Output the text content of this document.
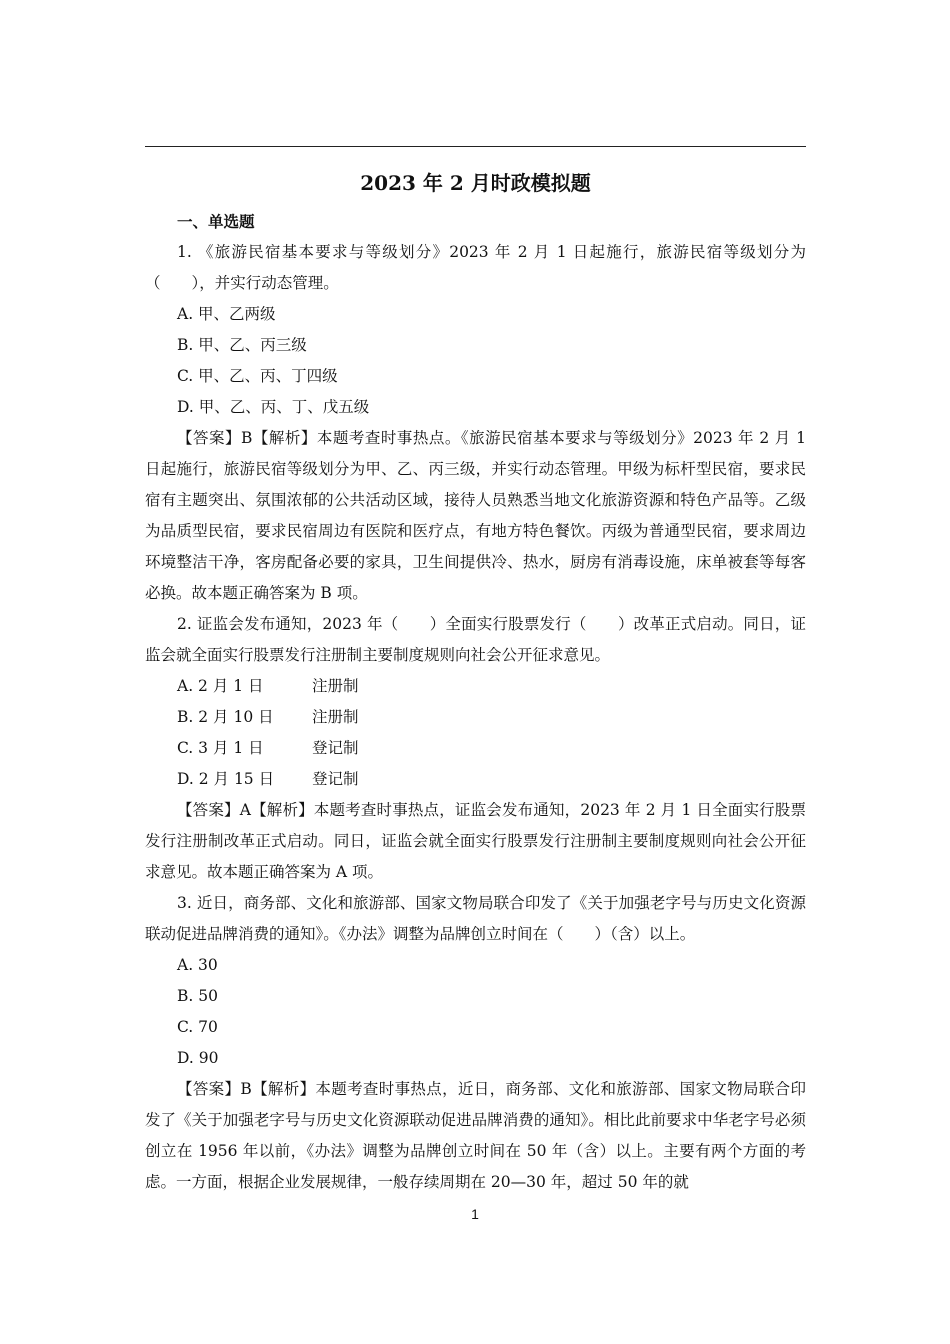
2023 年 2 月时政模拟题
一、单选题

1. 《旅游民宿基本要求与等级划分》2023 年 2 月 1 日起施行，旅游民宿等级划分为（　　），并实行动态管理。

A. 甲、乙两级
B. 甲、乙、丙三级
C. 甲、乙、丙、丁四级
D. 甲、乙、丙、丁、戊五级

【答案】B【解析】本题考查时事热点。《旅游民宿基本要求与等级划分》2023 年 2 月 1 日起施行，旅游民宿等级划分为甲、乙、丙三级，并实行动态管理。甲级为标杆型民宿，要求民宿有主题突出、氛围浓郁的公共活动区域，接待人员熟悉当地文化旅游资源和特色产品等。乙级为品质型民宿，要求民宿周边有医院和医疗点，有地方特色餐饮。丙级为普通型民宿，要求周边环境整洁干净，客房配备必要的家具，卫生间提供冷、热水，厨房有消毒设施，床单被套等每客必换。故本题正确答案为 B 项。

2. 证监会发布通知，2023 年（　　）全面实行股票发行（　　）改革正式启动。同日，证监会就全面实行股票发行注册制主要制度规则向社会公开征求意见。

A. 2 月 1 日	注册制
B. 2 月 10 日 注册制
C. 3 月 1 日	登记制
D. 2 月 15 日 登记制

【答案】A【解析】本题考查时事热点，证监会发布通知，2023 年 2 月 1 日全面实行股票发行注册制改革正式启动。同日，证监会就全面实行股票发行注册制主要制度规则向社会公开征求意见。故本题正确答案为 A 项。

3. 近日，商务部、文化和旅游部、国家文物局联合印发了《关于加强老字号与历史文化资源联动促进品牌消费的通知》。《办法》调整为品牌创立时间在（　　）（含）以上。

A. 30
B. 50
C. 70
D. 90

【答案】B【解析】本题考查时事热点，近日，商务部、文化和旅游部、国家文物局联合印发了《关于加强老字号与历史文化资源联动促进品牌消费的通知》。相比此前要求中华老字号必须创立在 1956 年以前，《办法》调整为品牌创立时间在 50 年（含）以上。主要有两个方面的考虑。一方面，根据企业发展规律，一般存续周期在 20—30 年，超过 50 年的就

1
